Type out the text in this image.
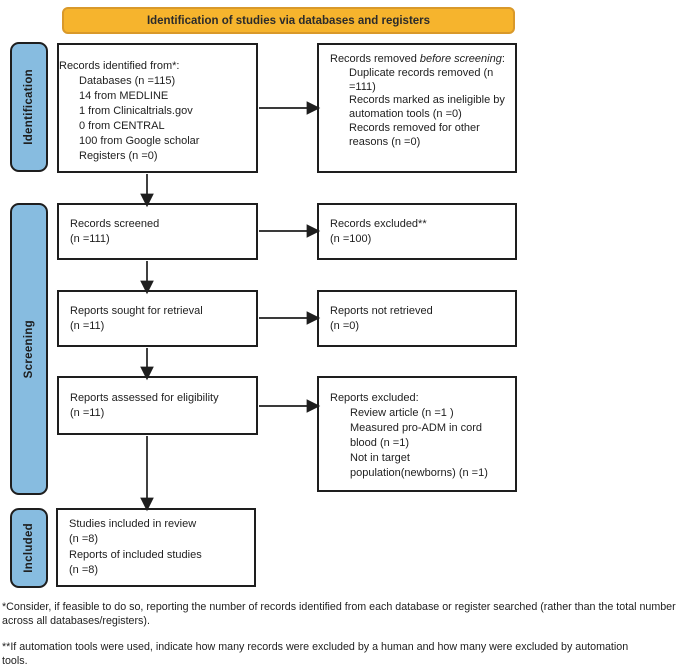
Identification of studies via databases and registers
Identification
Screening
Included
Records identified from*:
Databases (n =115)
14 from MEDLINE
1 from Clinicaltrials.gov
0 from CENTRAL
100 from Google scholar
Registers (n =0)
Records removed before screening:
Duplicate records removed (n =111)
Records marked as ineligible by automation tools (n =0)
Records removed for other reasons (n =0)
Records screened
(n =111)
Records excluded**
(n =100)
Reports sought for retrieval
(n =11)
Reports not retrieved
(n =0)
Reports assessed for eligibility
(n =11)
Reports excluded:
Review article (n =1 )
Measured pro-ADM in cord blood (n =1)
Not in target population(newborns) (n =1)
Studies included in review
(n =8)
Reports of included studies
(n =8)
*Consider, if feasible to do so, reporting the number of records identified from each database or register searched (rather than the total number across all databases/registers).
**If automation tools were used, indicate how many records were excluded by a human and how many were excluded by automation tools.
